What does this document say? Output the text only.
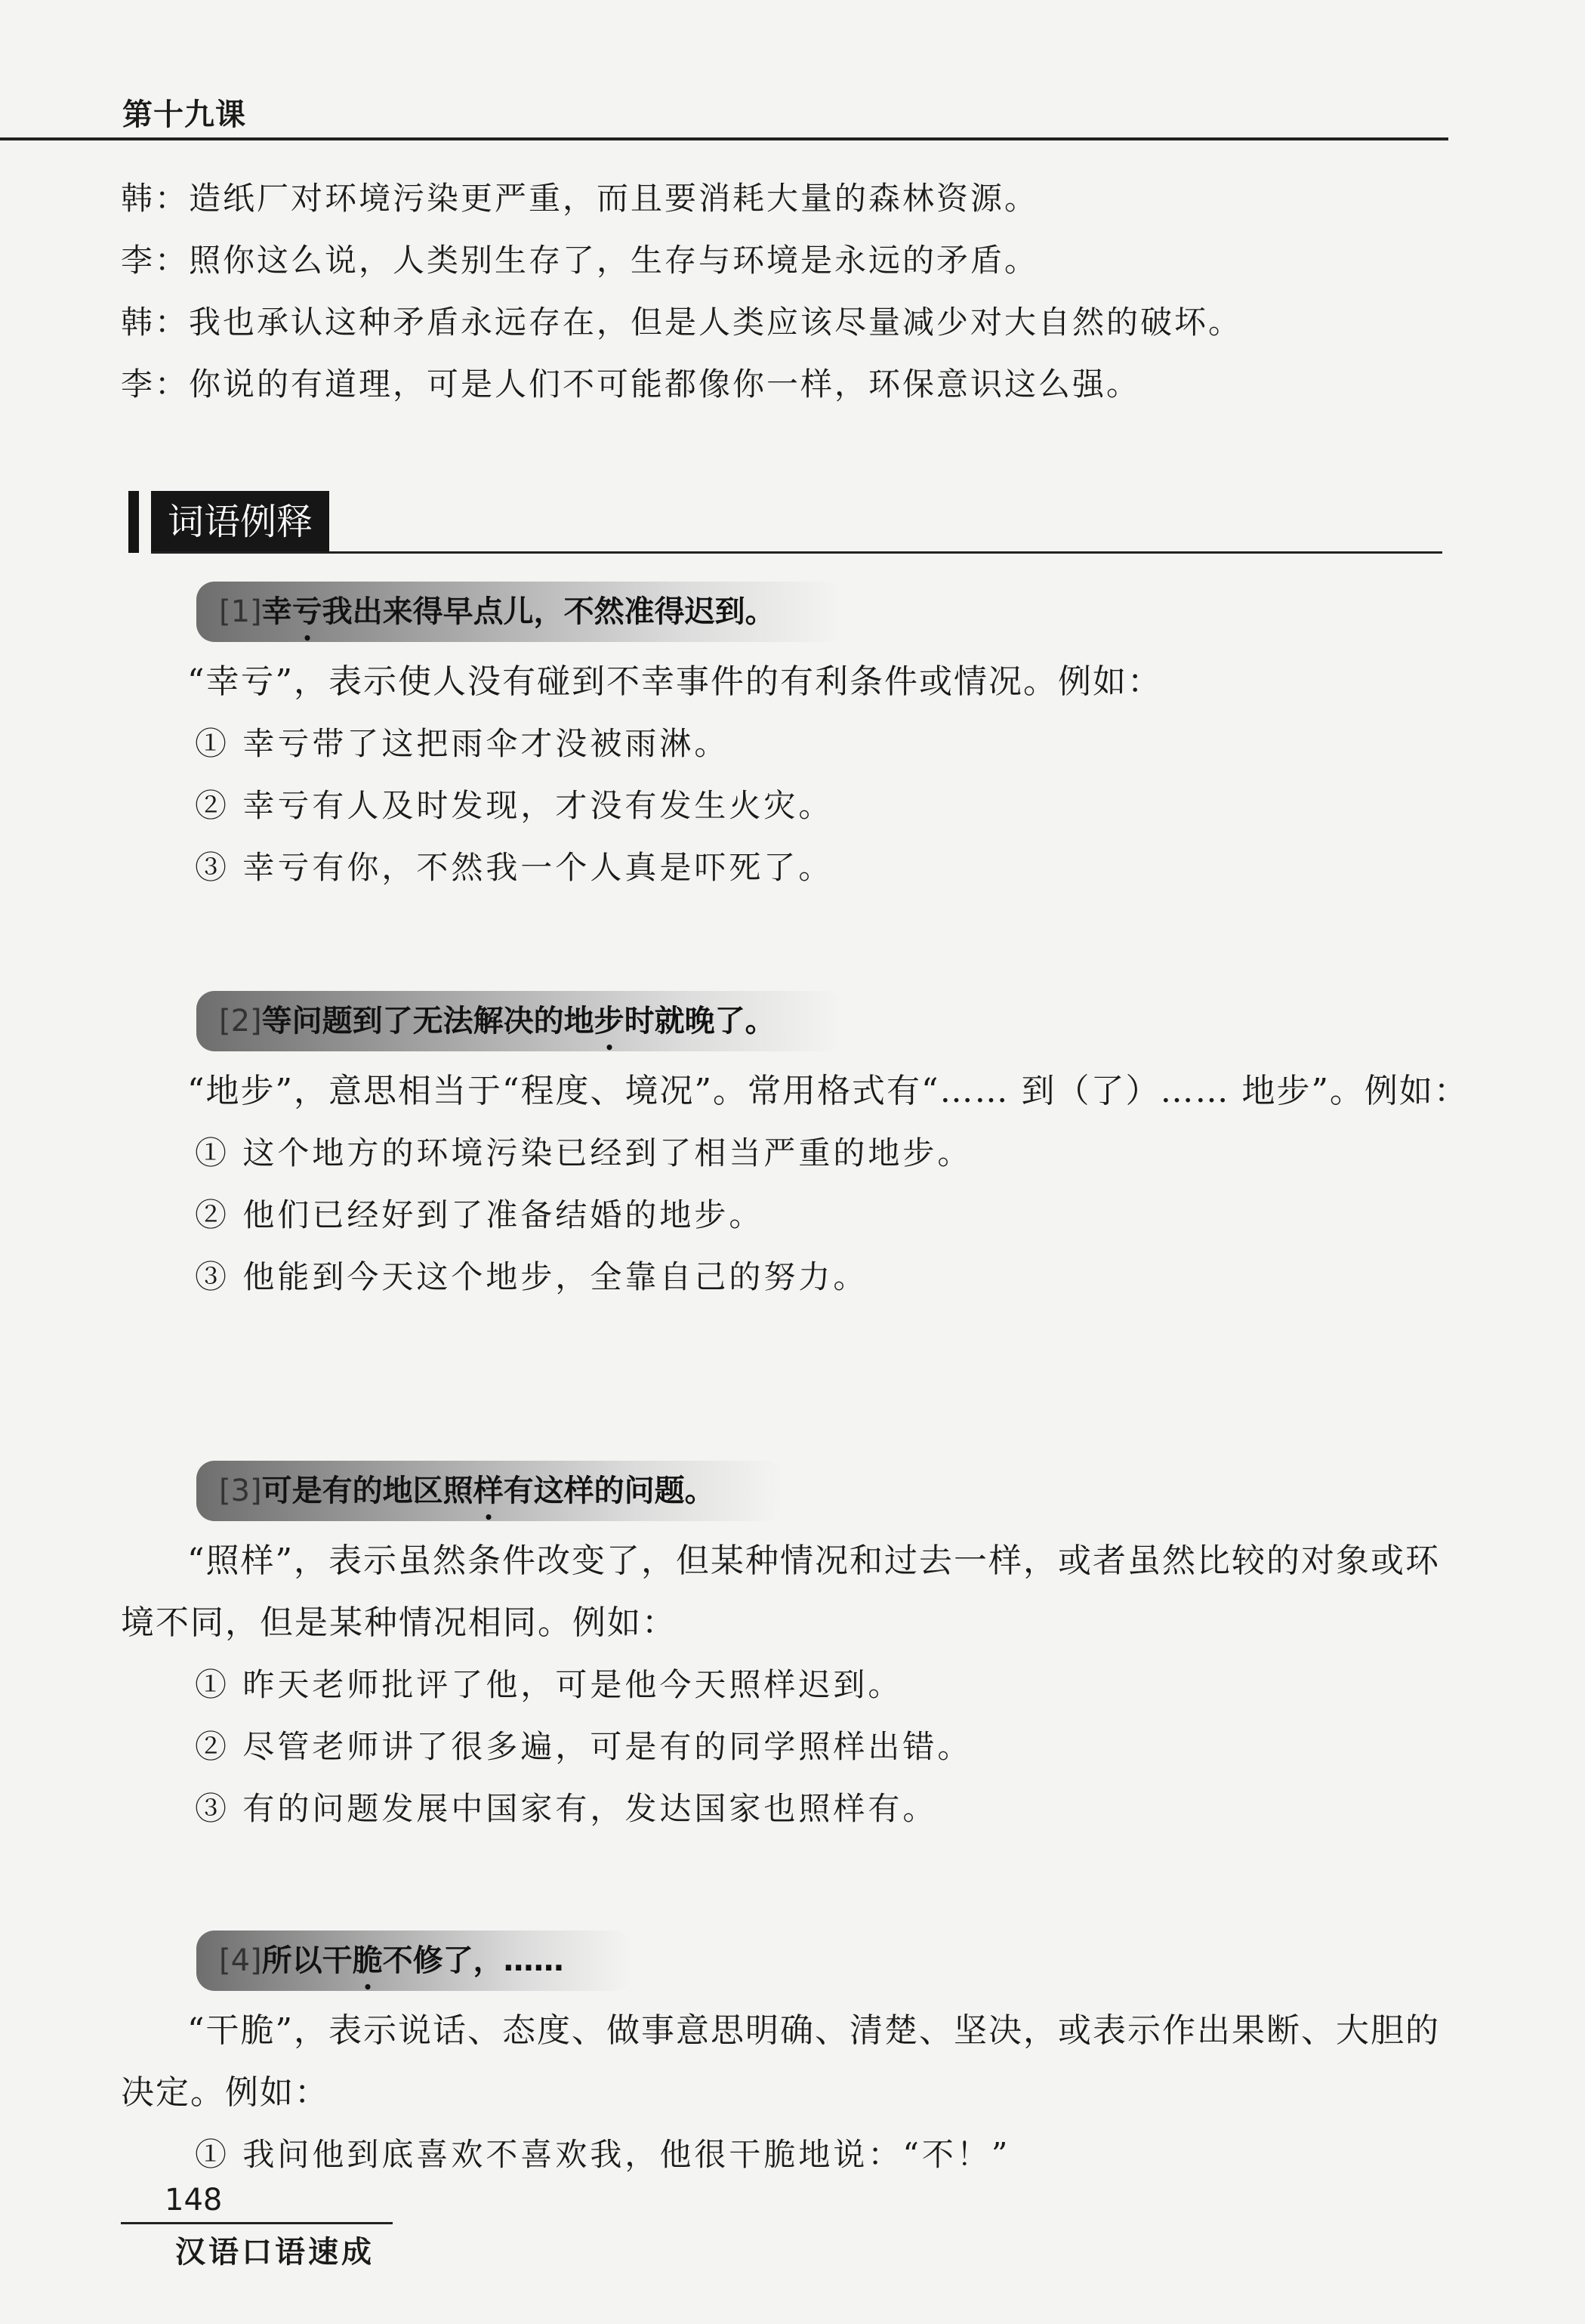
第十九课
韩：造纸厂对环境污染更严重，而且要消耗大量的森林资源。
李：照你这么说，人类别生存了，生存与环境是永远的矛盾。
韩：我也承认这种矛盾永远存在，但是人类应该尽量减少对大自然的破坏。
李：你说的有道理，可是人们不可能都像你一样，环保意识这么强。
词语例释
[1]幸亏我出来得早点儿，不然准得迟到。
“幸亏”，表示使人没有碰到不幸事件的有利条件或情况。例如：
① 幸亏带了这把雨伞才没被雨淋。
② 幸亏有人及时发现，才没有发生火灾。
③ 幸亏有你，不然我一个人真是吓死了。
[2]等问题到了无法解决的地步时就晚了。
“地步”，意思相当于“程度、境况”。常用格式有“…… 到（了）…… 地步”。例如：
① 这个地方的环境污染已经到了相当严重的地步。
② 他们已经好到了准备结婚的地步。
③ 他能到今天这个地步，全靠自己的努力。
[3]可是有的地区照样有这样的问题。
“照样”，表示虽然条件改变了，但某种情况和过去一样，或者虽然比较的对象或环境不同，但是某种情况相同。例如：
① 昨天老师批评了他，可是他今天照样迟到。
② 尽管老师讲了很多遍，可是有的同学照样出错。
③ 有的问题发展中国家有，发达国家也照样有。
[4]所以干脆不修了，……
“干脆”，表示说话、态度、做事意思明确、清楚、坚决，或表示作出果断、大胆的决定。例如：
① 我问他到底喜欢不喜欢我，他很干脆地说：“不！”
148
汉语口语速成
